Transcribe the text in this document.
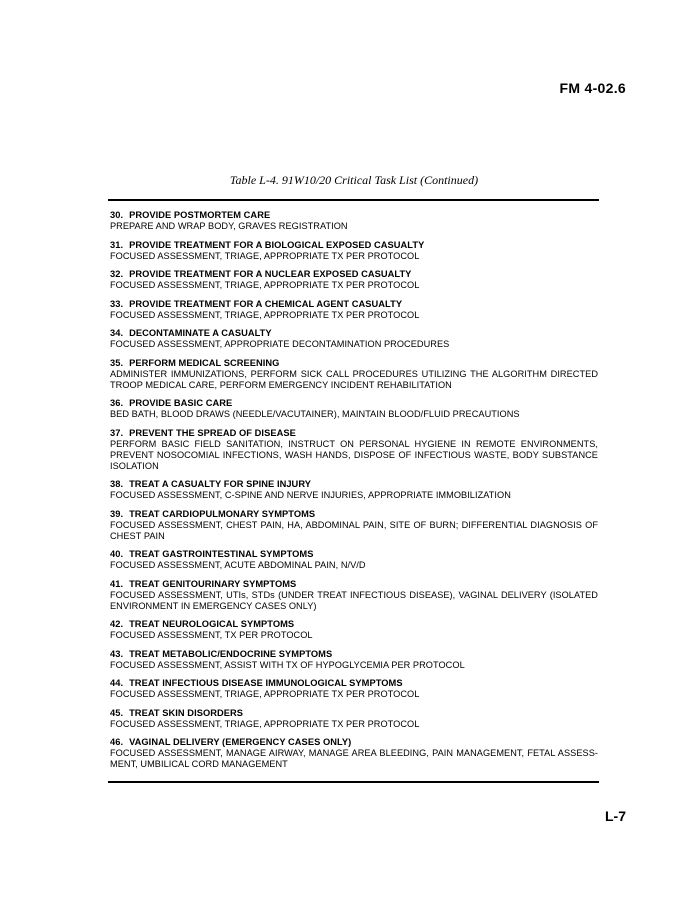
FM 4-02.6
Table L-4. 91W10/20 Critical Task List (Continued)
30. PROVIDE POSTMORTEM CARE
PREPARE AND WRAP BODY, GRAVES REGISTRATION
31. PROVIDE TREATMENT FOR A BIOLOGICAL EXPOSED CASUALTY
FOCUSED ASSESSMENT, TRIAGE, APPROPRIATE TX PER PROTOCOL
32. PROVIDE TREATMENT FOR A NUCLEAR EXPOSED CASUALTY
FOCUSED ASSESSMENT, TRIAGE, APPROPRIATE TX PER PROTOCOL
33. PROVIDE TREATMENT FOR A CHEMICAL AGENT CASUALTY
FOCUSED ASSESSMENT, TRIAGE, APPROPRIATE TX PER PROTOCOL
34. DECONTAMINATE A CASUALTY
FOCUSED ASSESSMENT, APPROPRIATE DECONTAMINATION PROCEDURES
35. PERFORM MEDICAL SCREENING
ADMINISTER IMMUNIZATIONS, PERFORM SICK CALL PROCEDURES UTILIZING THE ALGORITHM DIRECTED TROOP MEDICAL CARE, PERFORM EMERGENCY INCIDENT REHABILITATION
36. PROVIDE BASIC CARE
BED BATH, BLOOD DRAWS (NEEDLE/VACUTAINER), MAINTAIN BLOOD/FLUID PRECAUTIONS
37. PREVENT THE SPREAD OF DISEASE
PERFORM BASIC FIELD SANITATION, INSTRUCT ON PERSONAL HYGIENE IN REMOTE ENVIRONMENTS, PREVENT NOSOCOMIAL INFECTIONS, WASH HANDS, DISPOSE OF INFECTIOUS WASTE, BODY SUBSTANCE ISOLATION
38. TREAT A CASUALTY FOR SPINE INJURY
FOCUSED ASSESSMENT, C-SPINE AND NERVE INJURIES, APPROPRIATE IMMOBILIZATION
39. TREAT CARDIOPULMONARY SYMPTOMS
FOCUSED ASSESSMENT, CHEST PAIN, HA, ABDOMINAL PAIN, SITE OF BURN; DIFFERENTIAL DIAGNOSIS OF CHEST PAIN
40. TREAT GASTROINTESTINAL SYMPTOMS
FOCUSED ASSESSMENT, ACUTE ABDOMINAL PAIN, N/V/D
41. TREAT GENITOURINARY SYMPTOMS
FOCUSED ASSESSMENT, UTIs, STDs (UNDER TREAT INFECTIOUS DISEASE), VAGINAL DELIVERY (ISOLATED ENVIRONMENT IN EMERGENCY CASES ONLY)
42. TREAT NEUROLOGICAL SYMPTOMS
FOCUSED ASSESSMENT, TX PER PROTOCOL
43. TREAT METABOLIC/ENDOCRINE SYMPTOMS
FOCUSED ASSESSMENT, ASSIST WITH TX OF HYPOGLYCEMIA PER PROTOCOL
44. TREAT INFECTIOUS DISEASE IMMUNOLOGICAL SYMPTOMS
FOCUSED ASSESSMENT, TRIAGE, APPROPRIATE TX PER PROTOCOL
45. TREAT SKIN DISORDERS
FOCUSED ASSESSMENT, TRIAGE, APPROPRIATE TX PER PROTOCOL
46. VAGINAL DELIVERY (EMERGENCY CASES ONLY)
FOCUSED ASSESSMENT, MANAGE AIRWAY, MANAGE AREA BLEEDING, PAIN MANAGEMENT, FETAL ASSESS-MENT, UMBILICAL CORD MANAGEMENT
L-7
